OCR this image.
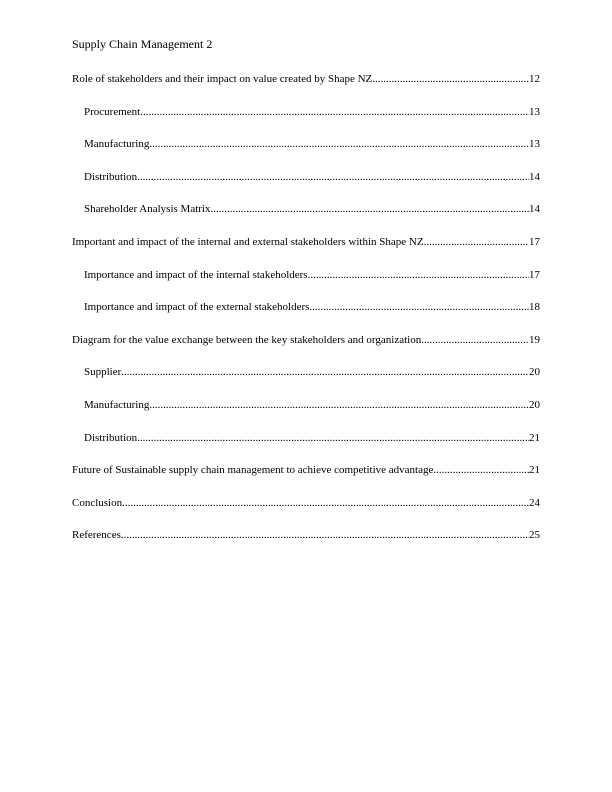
Supply Chain Management 2
Role of stakeholders and their impact on value created by Shape NZ .....	12
Procurement .....	13
Manufacturing .....	13
Distribution .....	14
Shareholder Analysis Matrix .....	14
Important and impact of the internal and external stakeholders within Shape NZ .....	17
Importance and impact of the internal stakeholders .....	17
Importance and impact of the external stakeholders .....	18
Diagram for the value exchange between the key stakeholders and organization .....	19
Supplier .....	20
Manufacturing .....	20
Distribution .....	21
Future of Sustainable supply chain management to achieve competitive advantage .....	21
Conclusion .....	24
References .....	25
